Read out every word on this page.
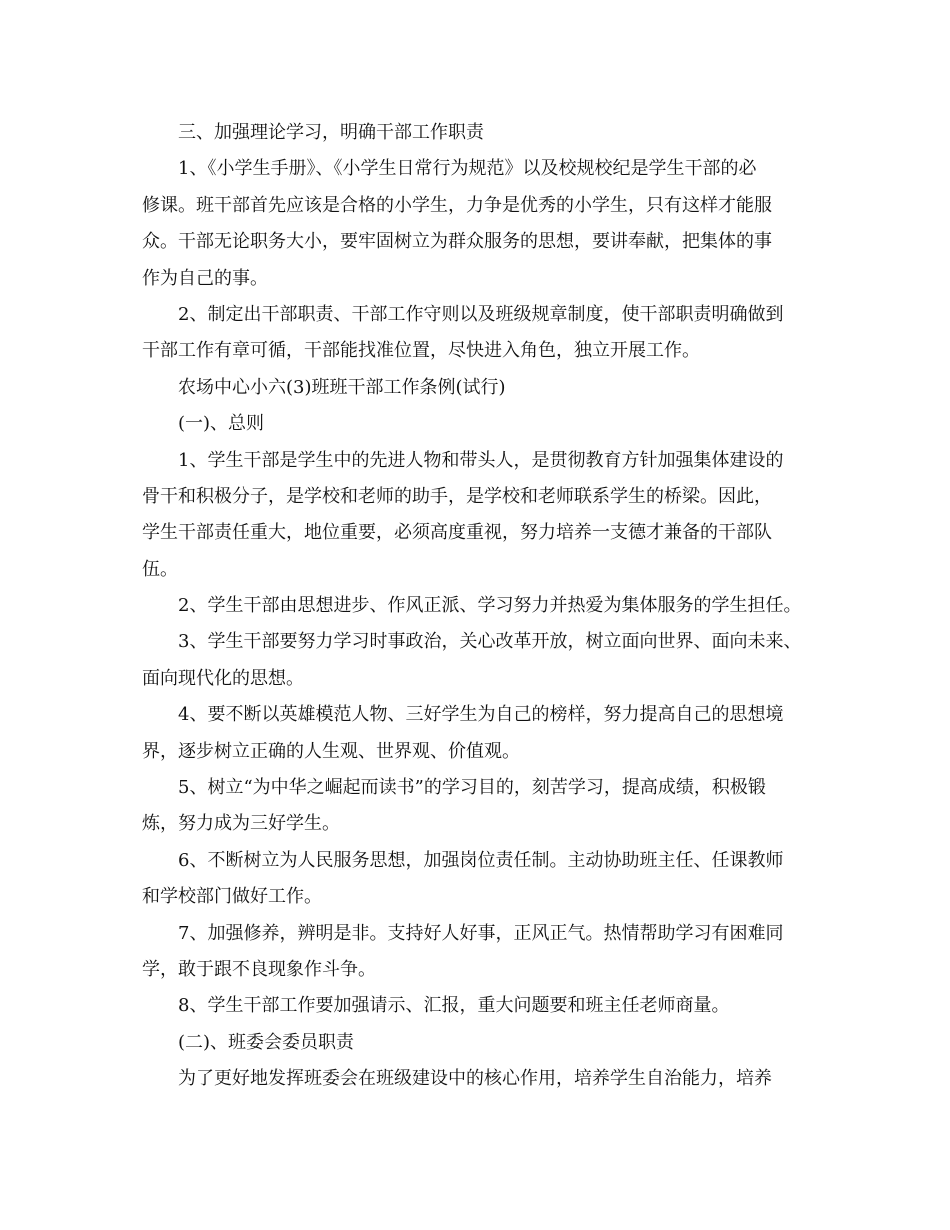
三、加强理论学习，明确干部工作职责
1、《小学生手册》、《小学生日常行为规范》以及校规校纪是学生干部的必
修课。班干部首先应该是合格的小学生，力争是优秀的小学生，只有这样才能服
众。干部无论职务大小，要牢固树立为群众服务的思想，要讲奉献，把集体的事
作为自己的事。
2、制定出干部职责、干部工作守则以及班级规章制度，使干部职责明确做到
干部工作有章可循，干部能找准位置，尽快进入角色，独立开展工作。
农场中心小六(3)班班干部工作条例(试行)
(一)、总则
1、学生干部是学生中的先进人物和带头人，是贯彻教育方针加强集体建设的
骨干和积极分子，是学校和老师的助手，是学校和老师联系学生的桥梁。因此，
学生干部责任重大，地位重要，必须高度重视，努力培养一支德才兼备的干部队
伍。
2、学生干部由思想进步、作风正派、学习努力并热爱为集体服务的学生担任。
3、学生干部要努力学习时事政治，关心改革开放，树立面向世界、面向未来、
面向现代化的思想。
4、要不断以英雄模范人物、三好学生为自己的榜样，努力提高自己的思想境
界，逐步树立正确的人生观、世界观、价值观。
5、树立“为中华之崛起而读书”的学习目的，刻苦学习，提高成绩，积极锻
炼，努力成为三好学生。
6、不断树立为人民服务思想，加强岗位责任制。主动协助班主任、任课教师
和学校部门做好工作。
7、加强修养，辨明是非。支持好人好事，正风正气。热情帮助学习有困难同
学，敢于跟不良现象作斗争。
8、学生干部工作要加强请示、汇报，重大问题要和班主任老师商量。
(二)、班委会委员职责
为了更好地发挥班委会在班级建设中的核心作用，培养学生自治能力，培养
